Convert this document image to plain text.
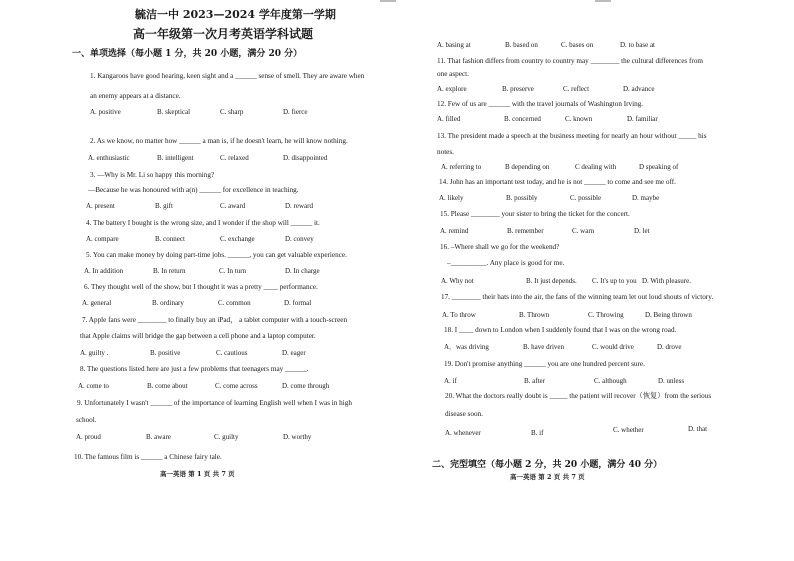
毓洁一中 2023—2024 学年度第一学期
高一年级第一次月考英语学科试题
一、单项选择（每小题 1 分，共 20 小题，满分 20 分）
1. Kangaroos have good hearing, keen sight and a ______ sense of smell. They are aware when
an enemy appears at a distance.
A. positive	B. skeptical	C. sharp	D. fierce
2. As we know, no matter how ______ a man is, if he doesn't learn, he will know nothing.
A. enthusiastic	B. intelligent	C. relaxed	D. disappointed
3. —Why is Mr. Li so happy this morning?
—Because he was honoured with a(n) ______ for excellence in teaching.
A. present	B. gift	C. award	D. reward
4. The battery I bought is the wrong size, and I wonder if the shop will ______ it.
A. compare	B. connect	C. exchange	D. convey
5. You can make money by doing part-time jobs. ______, you can get valuable experience.
A. In addition	B. In return	C. In turn	D. In charge
6. They thought well of the show, but I thought it was a pretty ____ performance.
A. general	B. ordinary	C. common	D. formal
7. Apple fans were ________ to finally buy an iPad， a tablet computer with a touch-screen
that Apple claims will bridge the gap between a cell phone and a laptop computer.
A. guilty .	B. positive	C. cautious	D. eager
8. The questions listed here are just a few problems that teenagers may ______.
A. come to	B. come about	C. come across	D. come through
9. Unfortunately I wasn't ______ of the importance of learning English well when I was in high
school.
A. proud	B. aware	C. guilty	D. worthy
10. The famous film is ______ a Chinese fairy tale.
高一英语 第 1 页 共 7 页
A. basing at	B. based on	C. bases on	D. to base at
11. That fashion differs from country to country may ________ the cultural differences from
one aspect.
A. explore	B. preserve	C. reflect	D. advance
12. Few of us are ______ with the travel journals of Washington Irving.
A. filled	B. concerned	C. known	D. familiar
13. The president made a speech at the business meeting for nearly an hour without _____ his
notes.
A. referring to	B depending on	C dealing with	D speaking of
14. John has an important test today, and he is not ______ to come and see me off.
A. likely	B. possibly	C. possible	D. maybe
15. Please ________ your sister to bring the ticket for the concert.
A. remind	B. remember	C. warn	D. let
16. –Where shall we go for the weekend?
–__________. Any place is good for me.
A. Why not	B. It just depends. C. It's up to you D. With pleasure.
17. ________ their hats into the air, the fans of the winning team let out loud shouts of victory.
A. To throw	B. Thrown	C. Throwing	D. Being thrown
18. I ____ down to London when I suddenly found that I was on the wrong road.
A．was driving	B. have driven	C. would drive	D. drove
19. Don't promise anything ______ you are one hundred percent sure.
A. if	B. after	C. although	D. unless
20. What the doctors really doubt is _____ the patient will recover（恢复）from the serious
disease soon.
A. whenever	B. if	C. whether	D. that
二、完型填空（每小题 2 分，共 20 小题，满分 40 分）
高一英语 第 2 页 共 7 页
